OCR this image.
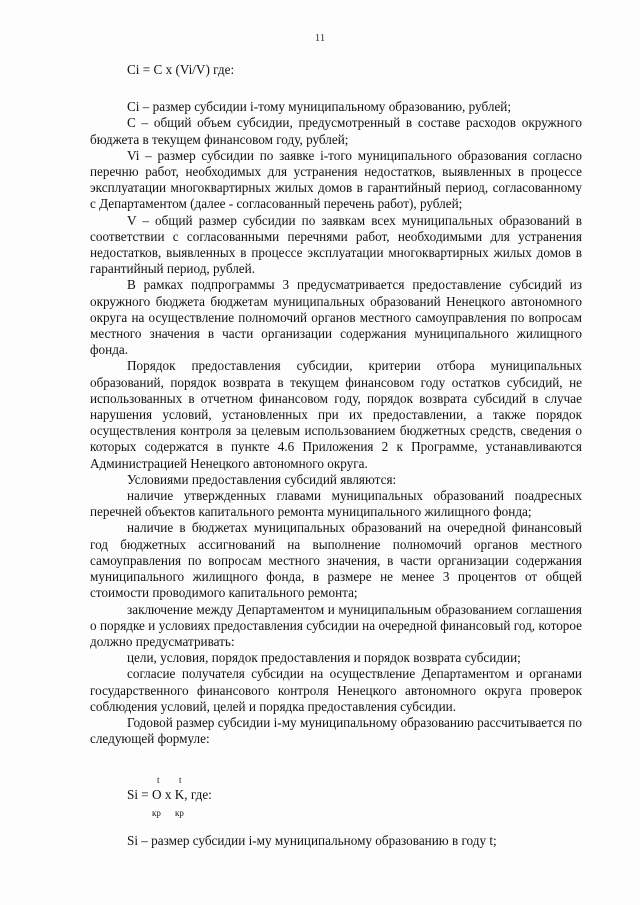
11

Ci = C x (Vi/V) где:

Ci – размер субсидии i-тому муниципальному образованию, рублей;

C – общий объем субсидии, предусмотренный в составе расходов окружного бюджета в текущем финансовом году, рублей;

Vi – размер субсидии по заявке i-того муниципального образования согласно перечню работ, необходимых для устранения недостатков, выявленных в процессе эксплуатации многоквартирных жилых домов в гарантийный период, согласованному с Департаментом (далее - согласованный перечень работ), рублей;

V – общий размер субсидии по заявкам всех муниципальных образований в соответствии с согласованными перечнями работ, необходимыми для устранения недостатков, выявленных в процессе эксплуатации многоквартирных жилых домов в гарантийный период, рублей.

В рамках подпрограммы 3 предусматривается предоставление субсидий из окружного бюджета бюджетам муниципальных образований Ненецкого автономного округа на осуществление полномочий органов местного самоуправления по вопросам местного значения в части организации содержания муниципального жилищного фонда.

Порядок предоставления субсидии, критерии отбора муниципальных образований, порядок возврата в текущем финансовом году остатков субсидий, не использованных в отчетном финансовом году, порядок возврата субсидий в случае нарушения условий, установленных при их предоставлении, а также порядок осуществления контроля за целевым использованием бюджетных средств, сведения о которых содержатся в пункте 4.6 Приложения 2 к Программе, устанавливаются Администрацией Ненецкого автономного округа.

Условиями предоставления субсидий являются:

наличие утвержденных главами муниципальных образований поадресных перечней объектов капитального ремонта муниципального жилищного фонда;

наличие в бюджетах муниципальных образований на очередной финансовый год бюджетных ассигнований на выполнение полномочий органов местного самоуправления по вопросам местного значения, в части организации содержания муниципального жилищного фонда, в размере не менее 3 процентов от общей стоимости проводимого капитального ремонта;

заключение между Департаментом и муниципальным образованием соглашения о порядке и условиях предоставления субсидии на очередной финансовый год, которое должно предусматривать:

цели, условия, порядок предоставления и порядок возврата субсидии;

согласие получателя субсидии на осуществление Департаментом и органами государственного финансового контроля Ненецкого автономного округа проверок соблюдения условий, целей и порядка предоставления субсидии.

Годовой размер субсидии i-му муниципальному образованию рассчитывается по следующей формуле:

t t
Si = O x K, где:
кр кр

Si – размер субсидии i-му муниципальному образованию в году t;
